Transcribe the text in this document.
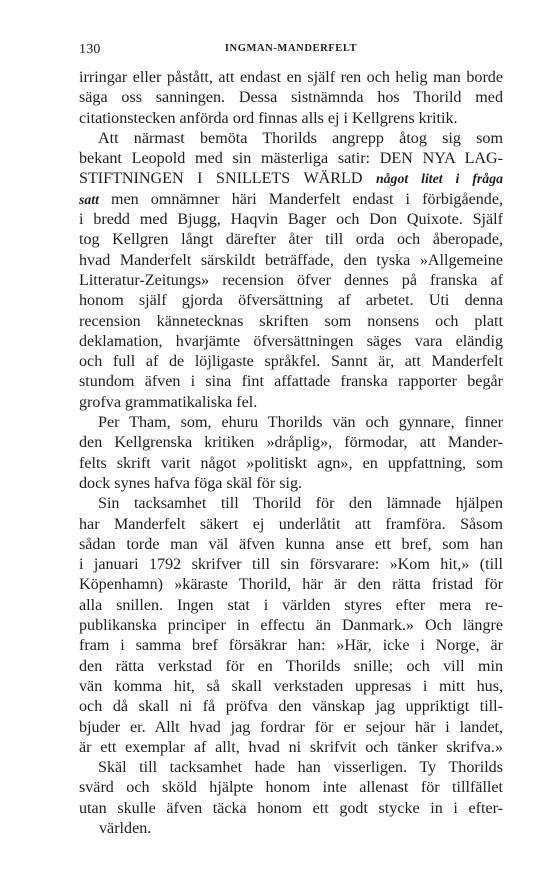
130	INGMAN-MANDERFELT
irringar eller påstått, att endast en själf ren och helig man borde
säga oss sanningen. Dessa sistnämnda hos Thorild med
citationstecken anförda ord finnas alls ej i Kellgrens kritik.
Att närmast bemöta Thorilds angrepp åtog sig som
bekant Leopold med sin mästerliga satir: DEN NYA LAG-
STIFTNINGEN I SNILLETS WÄRLD något litet i fråga
satt men omnämner häri Manderfelt endast i förbigående,
i bredd med Bjugg, Haqvin Bager och Don Quixote. Själf
tog Kellgren långt därefter åter till orda och åberopade,
hvad Manderfelt särskildt beträffade, den tyska »Allgemeine
Litteratur-Zeitungs» recension öfver dennes på franska af
honom själf gjorda öfversättning af arbetet. Uti denna
recension kännetecknas skriften som nonsens och platt
deklamation, hvarjämte öfversättningen säges vara eländig
och full af de löjligaste språkfel. Sannt är, att Manderfelt
stundom äfven i sina fint affattade franska rapporter begår
grofva grammatikaliska fel.
Per Tham, som, ehuru Thorilds vän och gynnare, finner
den Kellgrenska kritiken »dråplig», förmodar, att Mander-
felts skrift varit något »politiskt agn», en uppfattning, som
dock synes hafva föga skäl för sig.
Sin tacksamhet till Thorild för den lämnade hjälpen
har Manderfelt säkert ej underlåtit att framföra. Såsom
sådan torde man väl äfven kunna anse ett bref, som han
i januari 1792 skrifver till sin försvarare: »Kom hit,» (till
Köpenhamn) »käraste Thorild, här är den rätta fristad för
alla snillen. Ingen stat i världen styres efter mera re-
publikanska principer in effectu än Danmark.» Och längre
fram i samma bref försäkrar han: »Här, icke i Norge, är
den rätta verkstad för en Thorilds snille; och vill min
vän komma hit, så skall verkstaden uppresas i mitt hus,
och då skall ni få pröfva den vänskap jag uppriktigt till-
bjuder er. Allt hvad jag fordrar för er sejour här i landet,
är ett exemplar af allt, hvad ni skrifvit och tänker skrifva.»
Skäl till tacksamhet hade han visserligen. Ty Thorilds
svärd och sköld hjälpte honom inte allenast för tillfället
utan skulle äfven täcka honom ett godt stycke in i efter-
världen.
